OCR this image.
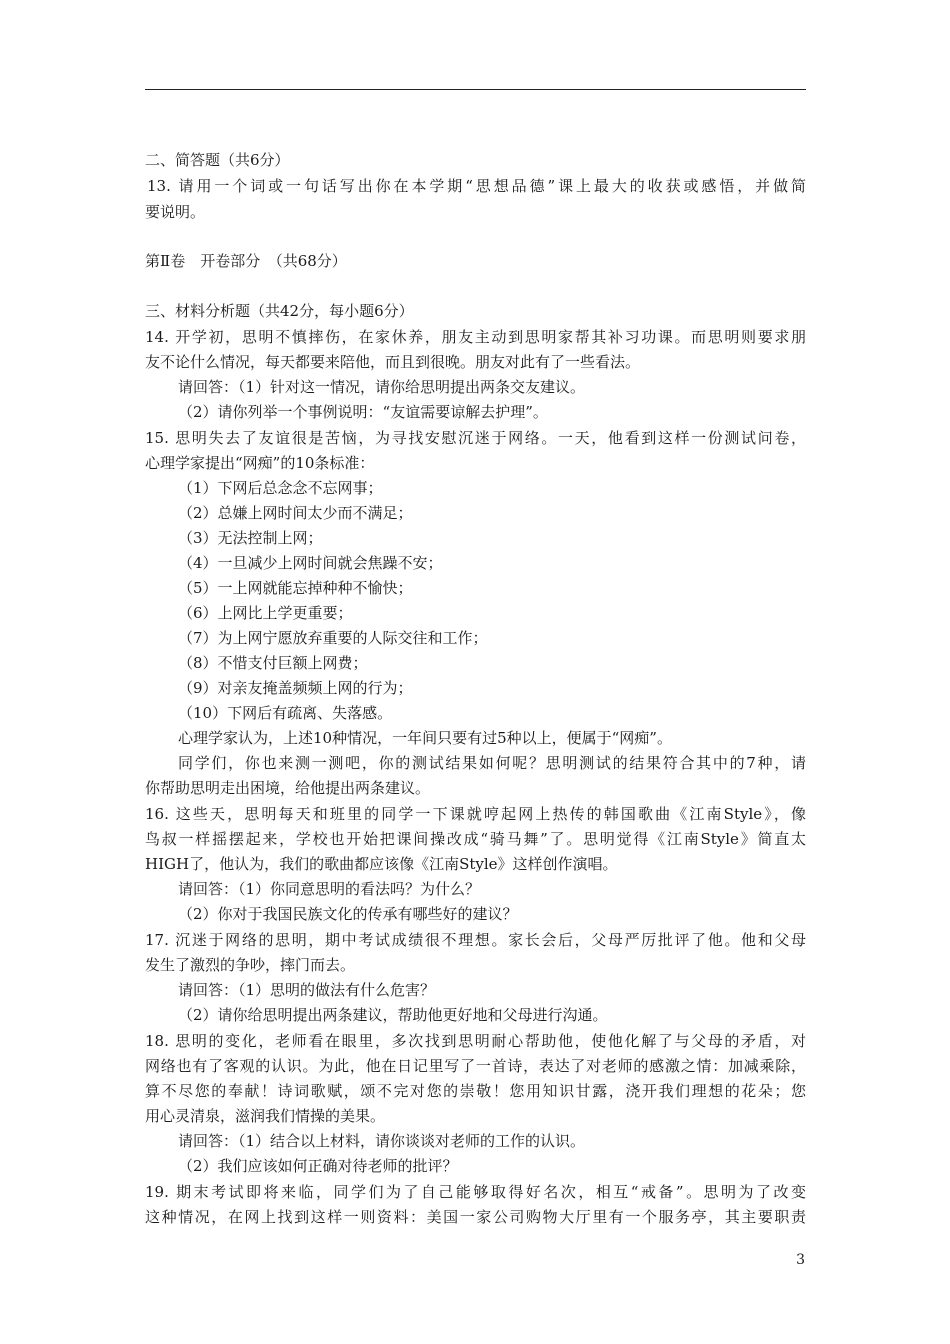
二、简答题（共6分）
13. 请用一个词或一句话写出你在本学期“思想品德”课上最大的收获或感悟，并做简
要说明。
第Ⅱ卷　开卷部分　（共68分）
三、材料分析题（共42分，每小题6分）
14. 开学初，思明不慎摔伤，在家休养，朋友主动到思明家帮其补习功课。而思明则要求朋
友不论什么情况，每天都要来陪他，而且到很晚。朋友对此有了一些看法。
请回答：（1）针对这一情况，请你给思明提出两条交友建议。
（2）请你列举一个事例说明：“友谊需要谅解去护理”。
15. 思明失去了友谊很是苦恼，为寻找安慰沉迷于网络。一天，他看到这样一份测试问卷，
心理学家提出“网痴”的10条标准：
（1）下网后总念念不忘网事；
（2）总嫌上网时间太少而不满足；
（3）无法控制上网；
（4）一旦减少上网时间就会焦躁不安；
（5）一上网就能忘掉种种不愉快；
（6）上网比上学更重要；
（7）为上网宁愿放弃重要的人际交往和工作；
（8）不惜支付巨额上网费；
（9）对亲友掩盖频频上网的行为；
（10）下网后有疏离、失落感。
心理学家认为，上述10种情况，一年间只要有过5种以上，便属于“网痴”。
同学们，你也来测一测吧，你的测试结果如何呢？思明测试的结果符合其中的7种，请
你帮助思明走出困境，给他提出两条建议。
16. 这些天，思明每天和班里的同学一下课就哼起网上热传的韩国歌曲《江南Style》，像
鸟叔一样摇摆起来，学校也开始把课间操改成“骑马舞”了。思明觉得《江南Style》简直太
HIGH了，他认为，我们的歌曲都应该像《江南Style》这样创作演唱。
请回答：（1）你同意思明的看法吗？为什么？
（2）你对于我国民族文化的传承有哪些好的建议？
17. 沉迷于网络的思明，期中考试成绩很不理想。家长会后，父母严厉批评了他。他和父母
发生了激烈的争吵，摔门而去。
请回答：（1）思明的做法有什么危害？
（2）请你给思明提出两条建议，帮助他更好地和父母进行沟通。
18. 思明的变化，老师看在眼里，多次找到思明耐心帮助他，使他化解了与父母的矛盾，对
网络也有了客观的认识。为此，他在日记里写了一首诗，表达了对老师的感激之情：加减乘除，
算不尽您的奉献！诗词歌赋，颂不完对您的崇敬！您用知识甘露，浇开我们理想的花朵；您
用心灵清泉，滋润我们情操的美果。
请回答：（1）结合以上材料，请你谈谈对老师的工作的认识。
（2）我们应该如何正确对待老师的批评？
19. 期末考试即将来临，同学们为了自己能够取得好名次，相互“戒备”。思明为了改变
这种情况，在网上找到这样一则资料：美国一家公司购物大厅里有一个服务亭，其主要职责
3
